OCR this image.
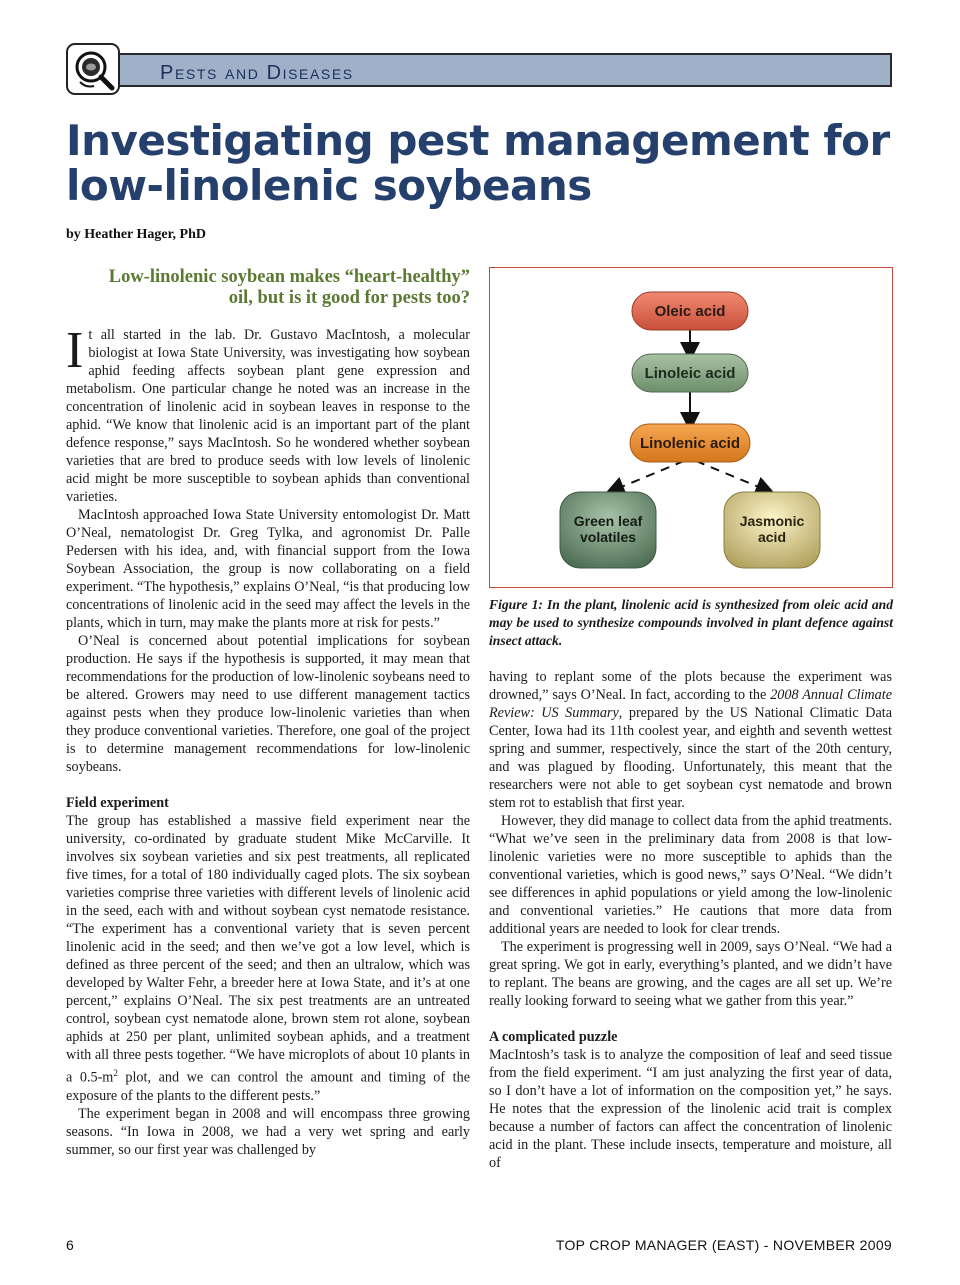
Pests and Diseases
Investigating pest management for
low-linolenic soybeans
by Heather Hager, PhD
Low-linolenic soybean makes “heart-healthy”
oil, but is it good for pests too?

It all started in the lab. Dr. Gustavo MacIntosh, a molecular biologist at Iowa State University, was investigating how soybean aphid feeding affects soybean plant gene expression and metabolism. One particular change he noted was an increase in the concentration of linolenic acid in soybean leaves in response to the aphid. “We know that linolenic acid is an important part of the plant defence response,” says MacIntosh. So he wondered whether soybean varieties that are bred to produce seeds with low levels of linolenic acid might be more susceptible to soybean aphids than conventional varieties.

MacIntosh approached Iowa State University entomologist Dr. Matt O’Neal, nematologist Dr. Greg Tylka, and agronomist Dr. Palle Pedersen with his idea, and, with financial support from the Iowa Soybean Association, the group is now collaborating on a field experiment. “The hypothesis,” explains O’Neal, “is that producing low concentrations of linolenic acid in the seed may affect the levels in the plants, which in turn, may make the plants more at risk for pests.”

O’Neal is concerned about potential implications for soybean production. He says if the hypothesis is supported, it may mean that recommendations for the production of low-linolenic soybeans need to be altered. Growers may need to use different management tactics against pests when they produce low-linolenic varieties than when they produce conventional varieties. Therefore, one goal of the project is to determine management recommendations for low-linolenic soybeans.

Field experiment

The group has established a massive field experiment near the university, co-ordinated by graduate student Mike McCarville. It involves six soybean varieties and six pest treatments, all replicated five times, for a total of 180 individually caged plots. The six soybean varieties comprise three varieties with different levels of linolenic acid in the seed, each with and without soybean cyst nematode resistance. “The experiment has a conventional variety that is seven percent linolenic acid in the seed; and then we’ve got a low level, which is defined as three percent of the seed; and then an ultralow, which was developed by Walter Fehr, a breeder here at Iowa State, and it’s at one percent,” explains O’Neal. The six pest treatments are an untreated control, soybean cyst nematode alone, brown stem rot alone, soybean aphids at 250 per plant, unlimited soybean aphids, and a treatment with all three pests together. “We have microplots of about 10 plants in a $0.5-m^2$ plot, and we can control the amount and timing of the exposure of the plants to the different pests.”

The experiment began in 2008 and will encompass three growing seasons. “In Iowa in 2008, we had a very wet spring and early summer, so our first year was challenged by

Oleic acid
Linoleic acid
Linolenic acid
Green leaf
volatiles
Jasmonic
acid
Figure 1: In the plant, linolenic acid is synthesized from oleic acid and may be used to synthesize compounds involved in plant defence against insect attack.

having to replant some of the plots because the experiment was drowned,” says O’Neal. In fact, according to the 2008 Annual Climate Review: US Summary, prepared by the US National Climatic Data Center, Iowa had its 11th coolest year, and eighth and seventh wettest spring and summer, respectively, since the start of the 20th century, and was plagued by flooding. Unfortunately, this meant that the researchers were not able to get soybean cyst nematode and brown stem rot to establish that first year.

However, they did manage to collect data from the aphid treatments. “What we’ve seen in the preliminary data from 2008 is that low-linolenic varieties were no more susceptible to aphids than the conventional varieties, which is good news,” says O’Neal. “We didn’t see differences in aphid populations or yield among the low-linolenic and conventional varieties.” He cautions that more data from additional years are needed to look for clear trends.

The experiment is progressing well in 2009, says O’Neal. “We had a great spring. We got in early, everything’s planted, and we didn’t have to replant. The beans are growing, and the cages are all set up. We’re really looking forward to seeing what we gather from this year.”

A complicated puzzle

MacIntosh’s task is to analyze the composition of leaf and seed tissue from the field experiment. “I am just analyzing the first year of data, so I don’t have a lot of information on the composition yet,” he says. He notes that the expression of the linolenic acid trait is complex because a number of factors can affect the concentration of linolenic acid in the plant. These include insects, temperature and moisture, all of

6	TOP CROP MANAGER (EAST) - NOVEMBER 2009
